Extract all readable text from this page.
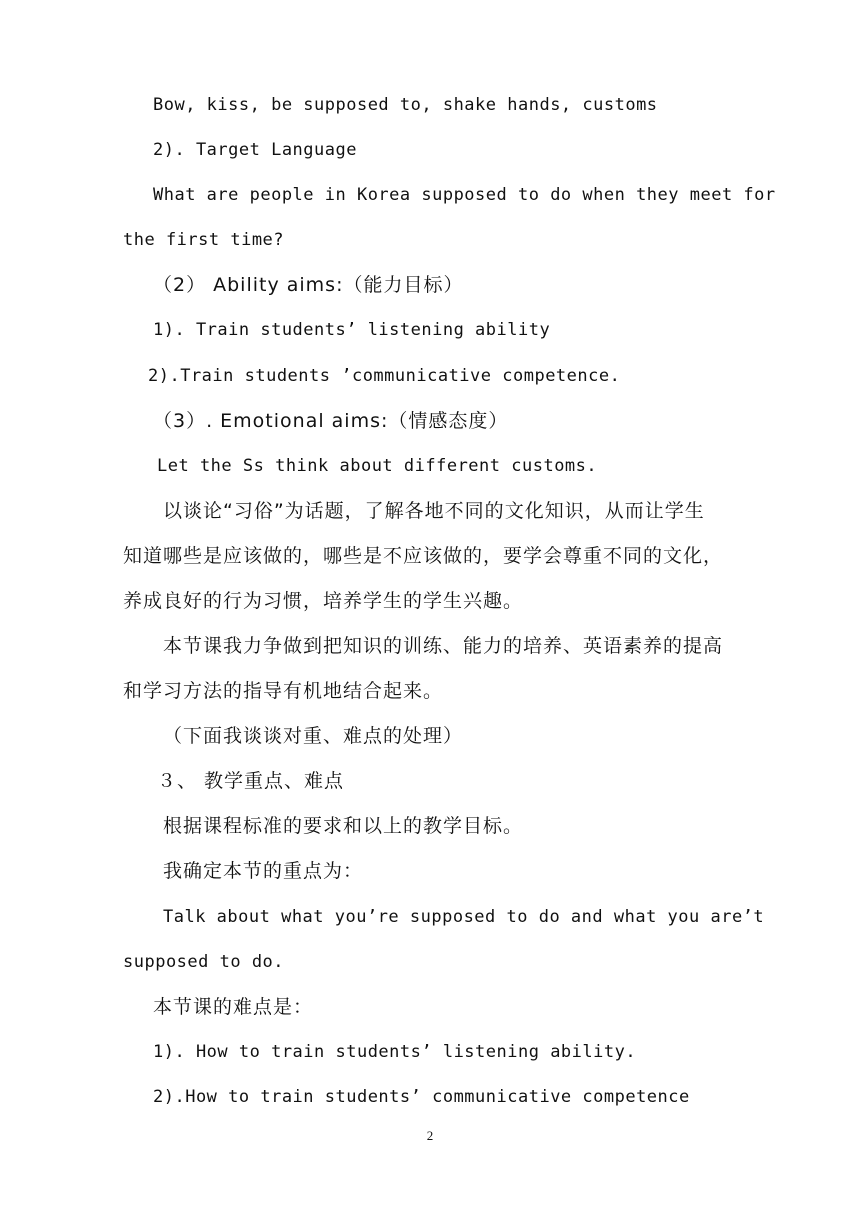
Bow, kiss, be supposed to, shake hands, customs
2). Target Language
What are people in Korea supposed to do when they meet for
the first time?
（2） Ability aims:（能力目标）
1). Train students’ listening ability
2).Train students ’communicative competence.
（3）. Emotional aims:（情感态度）
Let the Ss think about different customs.
以谈论“习俗”为话题，了解各地不同的文化知识，从而让学生
知道哪些是应该做的，哪些是不应该做的，要学会尊重不同的文化，
养成良好的行为习惯，培养学生的学生兴趣。
本节课我力争做到把知识的训练、能力的培养、英语素养的提高
和学习方法的指导有机地结合起来。
（下面我谈谈对重、难点的处理）
３、 教学重点、难点
根据课程标准的要求和以上的教学目标。
我确定本节的重点为：
Talk about what you’re supposed to do and what you are’t
supposed to do.
本节课的难点是：
1). How to train students’ listening ability.
2).How to train students’ communicative competence
2
